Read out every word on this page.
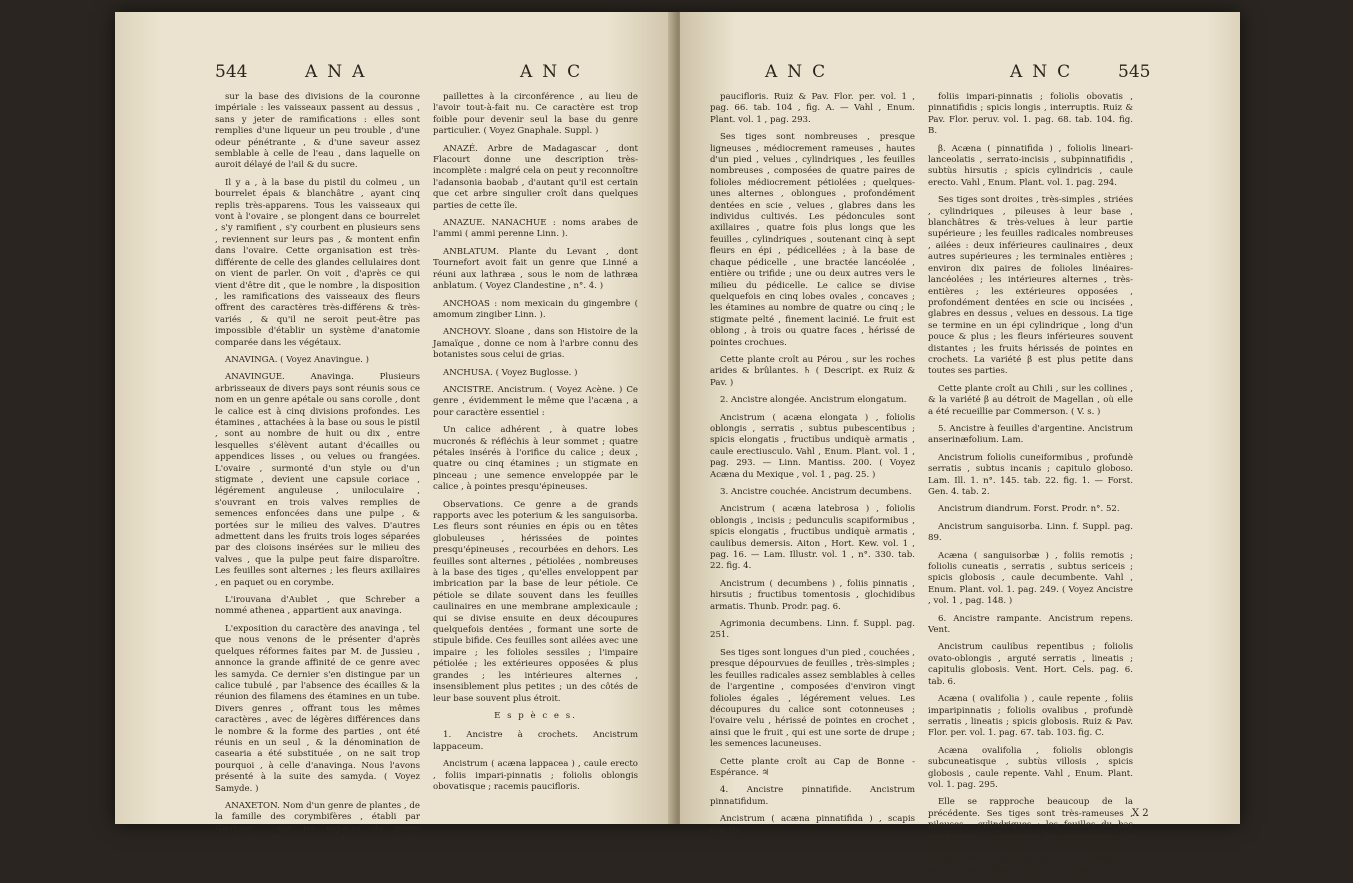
544	ANA	ANC

sur la base des divisions de la couronne impériale : les vaisseaux passent au dessus , sans y jeter de ramifications : elles sont remplies d'une liqueur un peu trouble , d'une odeur pénétrante , & d'une saveur assez semblable à celle de l'eau , dans laquelle on auroit délayé de l'ail & du sucre.

Il y a , à la base du pistil du colmeu , un bourrelet épais & blanchâtre , ayant cinq replis très-apparens. Tous les vaisseaux qui vont à l'ovaire , se plongent dans ce bourrelet , s'y ramifient , s'y courbent en plusieurs sens , reviennent sur leurs pas , & montent enfin dans l'ovaire. Cette organisation est très-différente de celle des glandes cellulaires dont on vient de parler. On voit , d'après ce qui vient d'être dit , que le nombre , la disposition , les ramifications des vaisseaux des fleurs offrent des caractères très-différens & très-variés , & qu'il ne seroit peut-être pas impossible d'établir un système d'anatomie comparée dans les végétaux.

ANAVINGA. ( Voyez Anavingue. )

ANAVINGUE. Anavinga. Plusieurs arbrisseaux de divers pays sont réunis sous ce nom en un genre apétale ou sans corolle , dont le calice est à cinq divisions profondes. Les étamines , attachées à la base ou sous le pistil , sont au nombre de huit ou dix , entre lesquelles s'élèvent autant d'écailles ou appendices lisses , ou velues ou frangées. L'ovaire , surmonté d'un style ou d'un stigmate , devient une capsule coriace , légérement anguleuse , uniloculaire , s'ouvrant en trois valves remplies de semences enfoncées dans une pulpe , & portées sur le milieu des valves. D'autres admettent dans les fruits trois loges séparées par des cloisons insérées sur le milieu des valves , que la pulpe peut faire disparoître. Les feuilles sont alternes ; les fleurs axillaires , en paquet ou en corymbe.

L'irouvana d'Aublet , que Schreber a nommé athenea , appartient aux anavinga.

L'exposition du caractère des anavinga , tel que nous venons de le présenter d'après quelques réformes faites par M. de Jussieu , annonce la grande affinité de ce genre avec les samyda. Ce dernier s'en distingue par un calice tubulé , par l'absence des écailles & la réunion des filamens des étamines en un tube. Divers genres , offrant tous les mêmes caractères , avec de légères différences dans le nombre & la forme des parties , ont été réunis en un seul , & la dénomination de casearia a été substituée , on ne sait trop pourquoi , à celle d'anavinga. Nous l'avons présenté à la suite des samyda. ( Voyez Samyde. )

ANAXETON. Nom d'un genre de plantes , de la famille des corymbifères , établi par Gærtner , sur les espèces du genre gnaphalium Linn. , qui ont le réceptacle des semences muni de poils ou de

paillettes à la circonférence , au lieu de l'avoir tout-à-fait nu. Ce caractère est trop foible pour devenir seul la base du genre particulier. ( Voyez Gnaphale. Suppl. )

ANAZÉ. Arbre de Madagascar , dont Flacourt donne une description très-incomplète : malgré cela on peut y reconnoître l'adansonia baobab , d'autant qu'il est certain que cet arbre singulier croît dans quelques parties de cette île.

ANAZUE. NANACHUE : noms arabes de l'ammi ( ammi perenne Linn. ).

ANBLATUM. Plante du Levant , dont Tournefort avoit fait un genre que Linné a réuni aux lathræa , sous le nom de lathræa anblatum. ( Voyez Clandestine , n°. 4. )

ANCHOAS : nom mexicain du gingembre ( amomum zingiber Linn. ).

ANCHOVY. Sloane , dans son Histoire de la Jamaïque , donne ce nom à l'arbre connu des botanistes sous celui de grias.

ANCHUSA. ( Voyez Buglosse. )

ANCISTRE. Ancistrum. ( Voyez Acène. ) Ce genre , évidemment le même que l'acæna , a pour caractère essentiel :

Un calice adhérent , à quatre lobes mucronés & réfléchis à leur sommet ; quatre pétales insérés à l'orifice du calice ; deux , quatre ou cinq étamines ; un stigmate en pinceau ; une semence enveloppée par le calice , à pointes presqu'épineuses.

Observations. Ce genre a de grands rapports avec les poterium & les sanguisorba. Les fleurs sont réunies en épis ou en têtes globuleuses , hérissées de pointes presqu'épineuses , recourbées en dehors. Les feuilles sont alternes , pétiolées , nombreuses à la base des tiges , qu'elles enveloppent par imbrication par la base de leur pétiole. Ce pétiole se dilate souvent dans les feuilles caulinaires en une membrane amplexicaule ; qui se divise ensuite en deux découpures quelquefois dentées , formant une sorte de stipule bifide. Ces feuilles sont ailées avec une impaire ; les folioles sessiles ; l'impaire pétiolée ; les extérieures opposées & plus grandes ; les intérieures alternes , insensiblement plus petites ; un des côtés de leur base souvent plus étroit.

E s p è c e s.

1. Ancistre à crochets. Ancistrum lappaceum.

Ancistrum ( acæna lappacea ) , caule erecto , foliis impari-pinnatis ; foliolis oblongis obovatisque ; racemis paucifloris.

ANC	ANC 545

paucifloris. Ruiz & Pav. Flor. per. vol. 1 , pag. 66. tab. 104 , fig. A. — Vahl , Enum. Plant. vol. 1 , pag. 293.

Ses tiges sont nombreuses , presque ligneuses , médiocrement rameuses , hautes d'un pied , velues , cylindriques , les feuilles nombreuses , composées de quatre paires de folioles médiocrement pétiolées ; quelques-unes alternes , oblongues , profondément dentées en scie , velues , glabres dans les individus cultivés. Les pédoncules sont axillaires , quatre fois plus longs que les feuilles , cylindriques , soutenant cinq à sept fleurs en épi , pédicellées ; à la base de chaque pédicelle , une bractée lancéolée , entière ou trifide ; une ou deux autres vers le milieu du pédicelle. Le calice se divise quelquefois en cinq lobes ovales , concaves ; les étamines au nombre de quatre ou cinq ; le stigmate pelté , finement lacinié. Le fruit est oblong , à trois ou quatre faces , hérissé de pointes crochues.

Cette plante croît au Pérou , sur les roches arides & brûlantes. ♄ ( Descript. ex Ruiz & Pav. )

2. Ancistre alongée. Ancistrum elongatum.

Ancistrum ( acæna elongata ) , foliolis oblongis , serratis , subtus pubescentibus ; spicis elongatis , fructibus undiquè armatis , caule erectiusculo. Vahl , Enum. Plant. vol. 1 , pag. 293. — Linn. Mantiss. 200. ( Voyez Acæna du Mexique , vol. 1 , pag. 25. )

3. Ancistre couchée. Ancistrum decumbens.

Ancistrum ( acæna latebrosa ) , foliolis oblongis , incisis ; pedunculis scapiformibus , spicis elongatis , fructibus undiquè armatis , caulibus demersis. Aiton , Hort. Kew. vol. 1 , pag. 16. — Lam. Illustr. vol. 1 , n°. 330. tab. 22. fig. 4.

Ancistrum ( decumbens ) , foliis pinnatis , hirsutis ; fructibus tomentosis , glochidibus armatis. Thunb. Prodr. pag. 6.

Agrimonia decumbens. Linn. f. Suppl. pag. 251.

Ses tiges sont longues d'un pied , couchées , presque dépourvues de feuilles , très-simples ; les feuilles radicales assez semblables à celles de l'argentine , composées d'environ vingt folioles égales , légérement velues. Les découpures du calice sont cotonneuses ; l'ovaire velu , hérissé de pointes en crochet , ainsi que le fruit , qui est une sorte de drupe ; les semences lacuneuses.

Cette plante croît au Cap de Bonne - Espérance. ♃

4. Ancistre pinnatifide. Ancistrum pinnatifidum.

Ancistrum ( acæna pinnatifida ) , scapis erectis ,

Botanique. Supplément. Tome I.

foliis impari-pinnatis ; foliolis obovatis , pinnatifidis ; spicis longis , interruptis. Ruiz & Pav. Flor. peruv. vol. 1. pag. 68. tab. 104. fig. B.

β. Acæna ( pinnatifida ) , foliolis lineari-lanceolatis , serrato-incisis , subpinnatifidis , subtùs hirsutis ; spicis cylindricis , caule erecto. Vahl , Enum. Plant. vol. 1. pag. 294.

Ses tiges sont droites , très-simples , striées , cylindriques , pileuses à leur base , blanchâtres & très-velues à leur partie supérieure ; les feuilles radicales nombreuses , ailées : deux inférieures caulinaires , deux autres supérieures ; les terminales entières ; environ dix paires de folioles linéaires-lancéolées ; les intérieures alternes , très-entières ; les extérieures opposées , profondément dentées en scie ou incisées , glabres en dessus , velues en dessous. La tige se termine en un épi cylindrique , long d'un pouce & plus ; les fleurs inférieures souvent distantes ; les fruits hérissés de pointes en crochets. La variété β est plus petite dans toutes ses parties.

Cette plante croît au Chili , sur les collines , & la variété β au détroit de Magellan , où elle a été recueillie par Commerson. ( V. s. )

5. Ancistre à feuilles d'argentine. Ancistrum anserinæfolium. Lam.

Ancistrum foliolis cuneiformibus , profundè serratis , subtus incanis ; capitulo globoso. Lam. Ill. 1. n°. 145. tab. 22. fig. 1. — Forst. Gen. 4. tab. 2.

Ancistrum diandrum. Forst. Prodr. n°. 52.

Ancistrum sanguisorba. Linn. f. Suppl. pag. 89.

Acæna ( sanguisorbæ ) , foliis remotis ; foliolis cuneatis , serratis , subtus sericeis ; spicis globosis , caule decumbente. Vahl , Enum. Plant. vol. 1. pag. 249. ( Voyez Ancistre , vol. 1 , pag. 148. )

6. Ancistre rampante. Ancistrum repens. Vent.

Ancistrum caulibus repentibus ; foliolis ovato-oblongis , arguté serratis , lineatis ; capitulis globosis. Vent. Hort. Cels. pag. 6. tab. 6.

Acæna ( ovalifolia ) , caule repente , foliis imparipinnatis ; foliolis ovalibus , profundè serratis , lineatis ; spicis globosis. Ruiz & Pav. Flor. per. vol. 1. pag. 67. tab. 103. fig. C.

Acæna ovalifolia , foliolis oblongis subcuneatisque , subtùs villosis , spicis globosis , caule repente. Vahl , Enum. Plant. vol. 1. pag. 295.

Elle se rapproche beaucoup de la précédente. Ses tiges sont très-rameuses , pileuses , cylindriques ; les feuilles du bas nombreuses , composées de quatre paires de folioles ovales-oblongues , un peu cunéiformes à leur base , dentées en scie , glabres en dessus , plus pâles & velues en dessous.

X 2
